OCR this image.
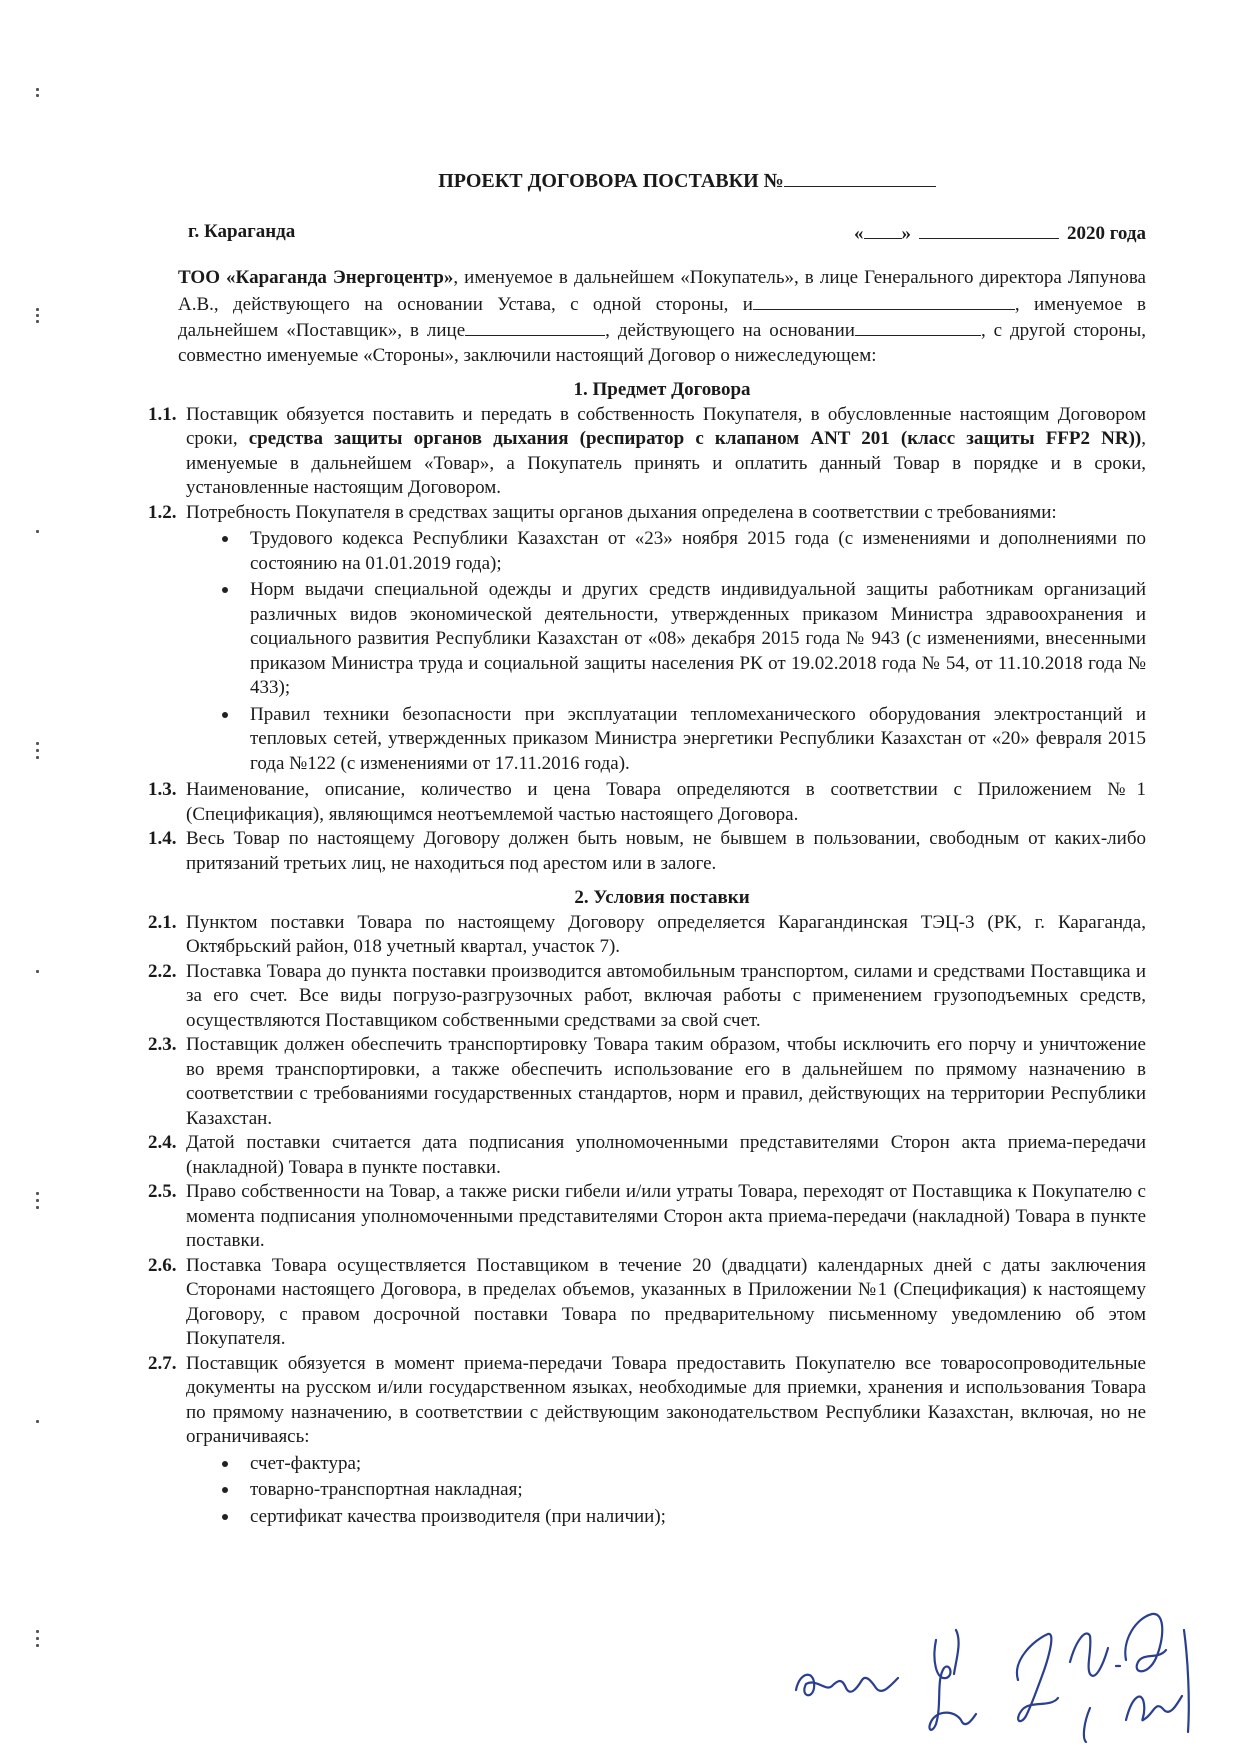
ПРОЕКТ ДОГОВОРА ПОСТАВКИ №
г. Караганда	« »	2020 года

ТОО «Караганда Энергоцентр», именуемое в дальнейшем «Покупатель», в лице Генерального директора Ляпунова А.В., действующего на основании Устава, с одной стороны, и	, именуемое в дальнейшем «Поставщик», в лице	, действующего на основании	, с другой стороны, совместно именуемые «Стороны», заключили настоящий Договор о нижеследующем:

1. Предмет Договора
1.1. Поставщик обязуется поставить и передать в собственность Покупателя, в обусловленные настоящим Договором сроки, средства защиты органов дыхания (респиратор с клапаном ANT 201 (класс защиты FFP2 NR)), именуемые в дальнейшем «Товар», а Покупатель принять и оплатить данный Товар в порядке и в сроки, установленные настоящим Договором.
1.2. Потребность Покупателя в средствах защиты органов дыхания определена в соответствии с требованиями:
Трудового кодекса Республики Казахстан от «23» ноября 2015 года (с изменениями и дополнениями по состоянию на 01.01.2019 года);
Норм выдачи специальной одежды и других средств индивидуальной защиты работникам организаций различных видов экономической деятельности, утвержденных приказом Министра здравоохранения и социального развития Республики Казахстан от «08» декабря 2015 года № 943 (с изменениями, внесенными приказом Министра труда и социальной защиты населения РК от 19.02.2018 года № 54, от 11.10.2018 года № 433);
Правил техники безопасности при эксплуатации тепломеханического оборудования электростанций и тепловых сетей, утвержденных приказом Министра энергетики Республики Казахстан от «20» февраля 2015 года №122 (с изменениями от 17.11.2016 года).
1.3. Наименование, описание, количество и цена Товара определяются в соответствии с Приложением №1 (Спецификация), являющимся неотъемлемой частью настоящего Договора.
1.4. Весь Товар по настоящему Договору должен быть новым, не бывшем в пользовании, свободным от каких-либо притязаний третьих лиц, не находиться под арестом или в залоге.
2. Условия поставки
2.1. Пунктом поставки Товара по настоящему Договору определяется Карагандинская ТЭЦ-3 (РК, г. Караганда, Октябрьский район, 018 учетный квартал, участок 7).
2.2. Поставка Товара до пункта поставки производится автомобильным транспортом, силами и средствами Поставщика и за его счет. Все виды погрузо-разгрузочных работ, включая работы с применением грузоподъемных средств, осуществляются Поставщиком собственными средствами за свой счет.
2.3. Поставщик должен обеспечить транспортировку Товара таким образом, чтобы исключить его порчу и уничтожение во время транспортировки, а также обеспечить использование его в дальнейшем по прямому назначению в соответствии с требованиями государственных стандартов, норм и правил, действующих на территории Республики Казахстан.
2.4. Датой поставки считается дата подписания уполномоченными представителями Сторон акта приема-передачи (накладной) Товара в пункте поставки.
2.5. Право собственности на Товар, а также риски гибели и/или утраты Товара, переходят от Поставщика к Покупателю с момента подписания уполномоченными представителями Сторон акта приема-передачи (накладной) Товара в пункте поставки.
2.6. Поставка Товара осуществляется Поставщиком в течение 20 (двадцати) календарных дней с даты заключения Сторонами настоящего Договора, в пределах объемов, указанных в Приложении №1 (Спецификация) к настоящему Договору, с правом досрочной поставки Товара по предварительному письменному уведомлению об этом Покупателя.
2.7. Поставщик обязуется в момент приема-передачи Товара предоставить Покупателю все товаросопроводительные документы на русском и/или государственном языках, необходимые для приемки, хранения и использования Товара по прямому назначению, в соответствии с действующим законодательством Республики Казахстан, включая, но не ограничиваясь:
счет-фактура;
товарно-транспортная накладная;
сертификат качества производителя (при наличии);
